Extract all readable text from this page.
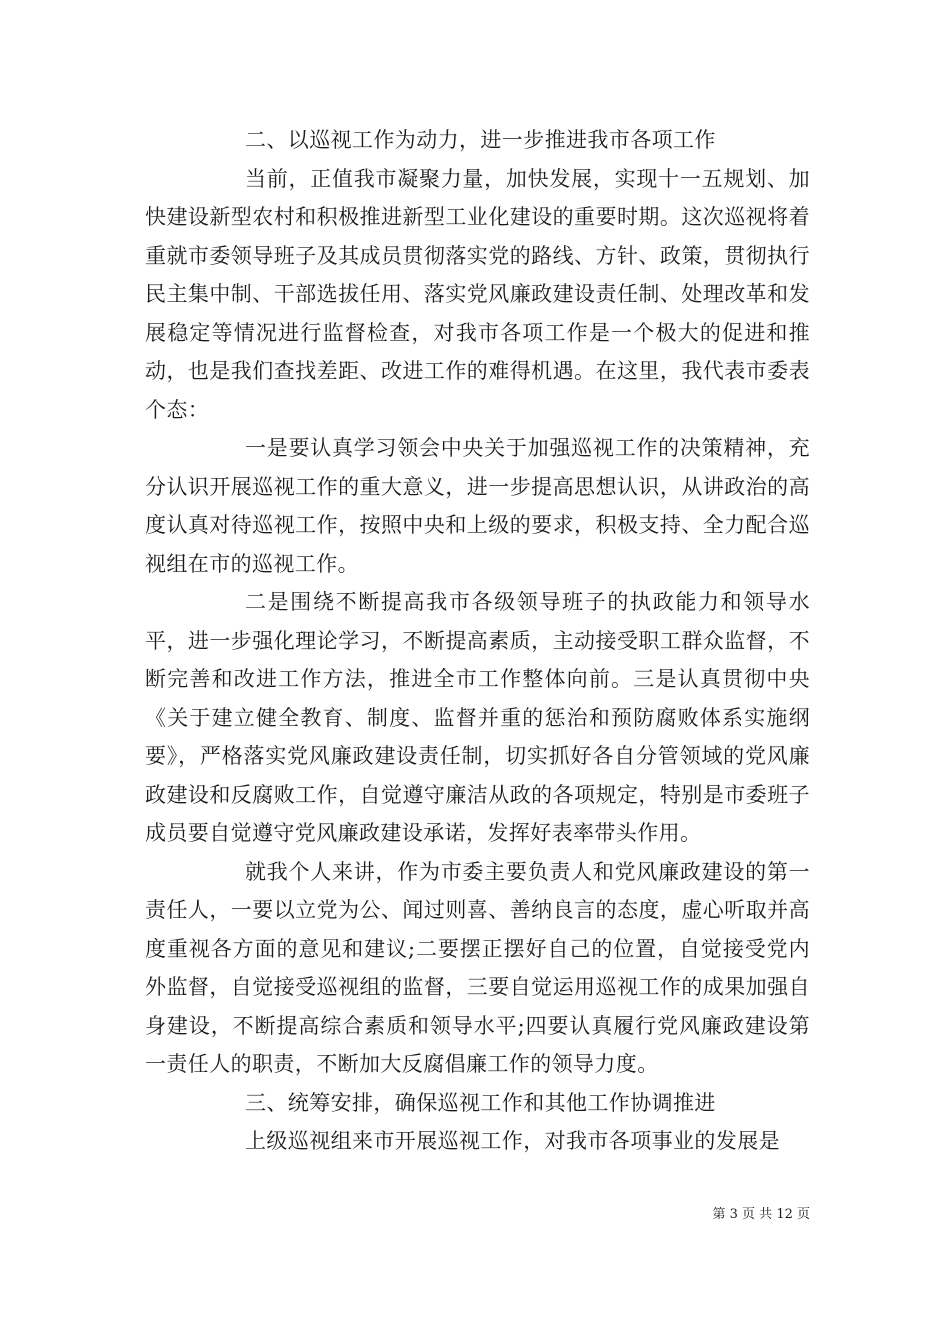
二、以巡视工作为动力，进一步推进我市各项工作

当前，正值我市凝聚力量，加快发展，实现十一五规划、加快建设新型农村和积极推进新型工业化建设的重要时期。这次巡视将着重就市委领导班子及其成员贯彻落实党的路线、方针、政策，贯彻执行民主集中制、干部选拔任用、落实党风廉政建设责任制、处理改革和发展稳定等情况进行监督检查，对我市各项工作是一个极大的促进和推动，也是我们查找差距、改进工作的难得机遇。在这里，我代表市委表个态：

一是要认真学习领会中央关于加强巡视工作的决策精神，充分认识开展巡视工作的重大意义，进一步提高思想认识，从讲政治的高度认真对待巡视工作，按照中央和上级的要求，积极支持、全力配合巡视组在市的巡视工作。

二是围绕不断提高我市各级领导班子的执政能力和领导水平，进一步强化理论学习，不断提高素质，主动接受职工群众监督，不断完善和改进工作方法，推进全市工作整体向前。三是认真贯彻中央《关于建立健全教育、制度、监督并重的惩治和预防腐败体系实施纲要》，严格落实党风廉政建设责任制，切实抓好各自分管领域的党风廉政建设和反腐败工作，自觉遵守廉洁从政的各项规定，特别是市委班子成员要自觉遵守党风廉政建设承诺，发挥好表率带头作用。

就我个人来讲，作为市委主要负责人和党风廉政建设的第一责任人，一要以立党为公、闻过则喜、善纳良言的态度，虚心听取并高度重视各方面的意见和建议;二要摆正摆好自己的位置，自觉接受党内外监督，自觉接受巡视组的监督，三要自觉运用巡视工作的成果加强自身建设，不断提高综合素质和领导水平;四要认真履行党风廉政建设第一责任人的职责，不断加大反腐倡廉工作的领导力度。

三、统筹安排，确保巡视工作和其他工作协调推进

上级巡视组来市开展巡视工作，对我市各项事业的发展是

第 3 页 共 12 页
